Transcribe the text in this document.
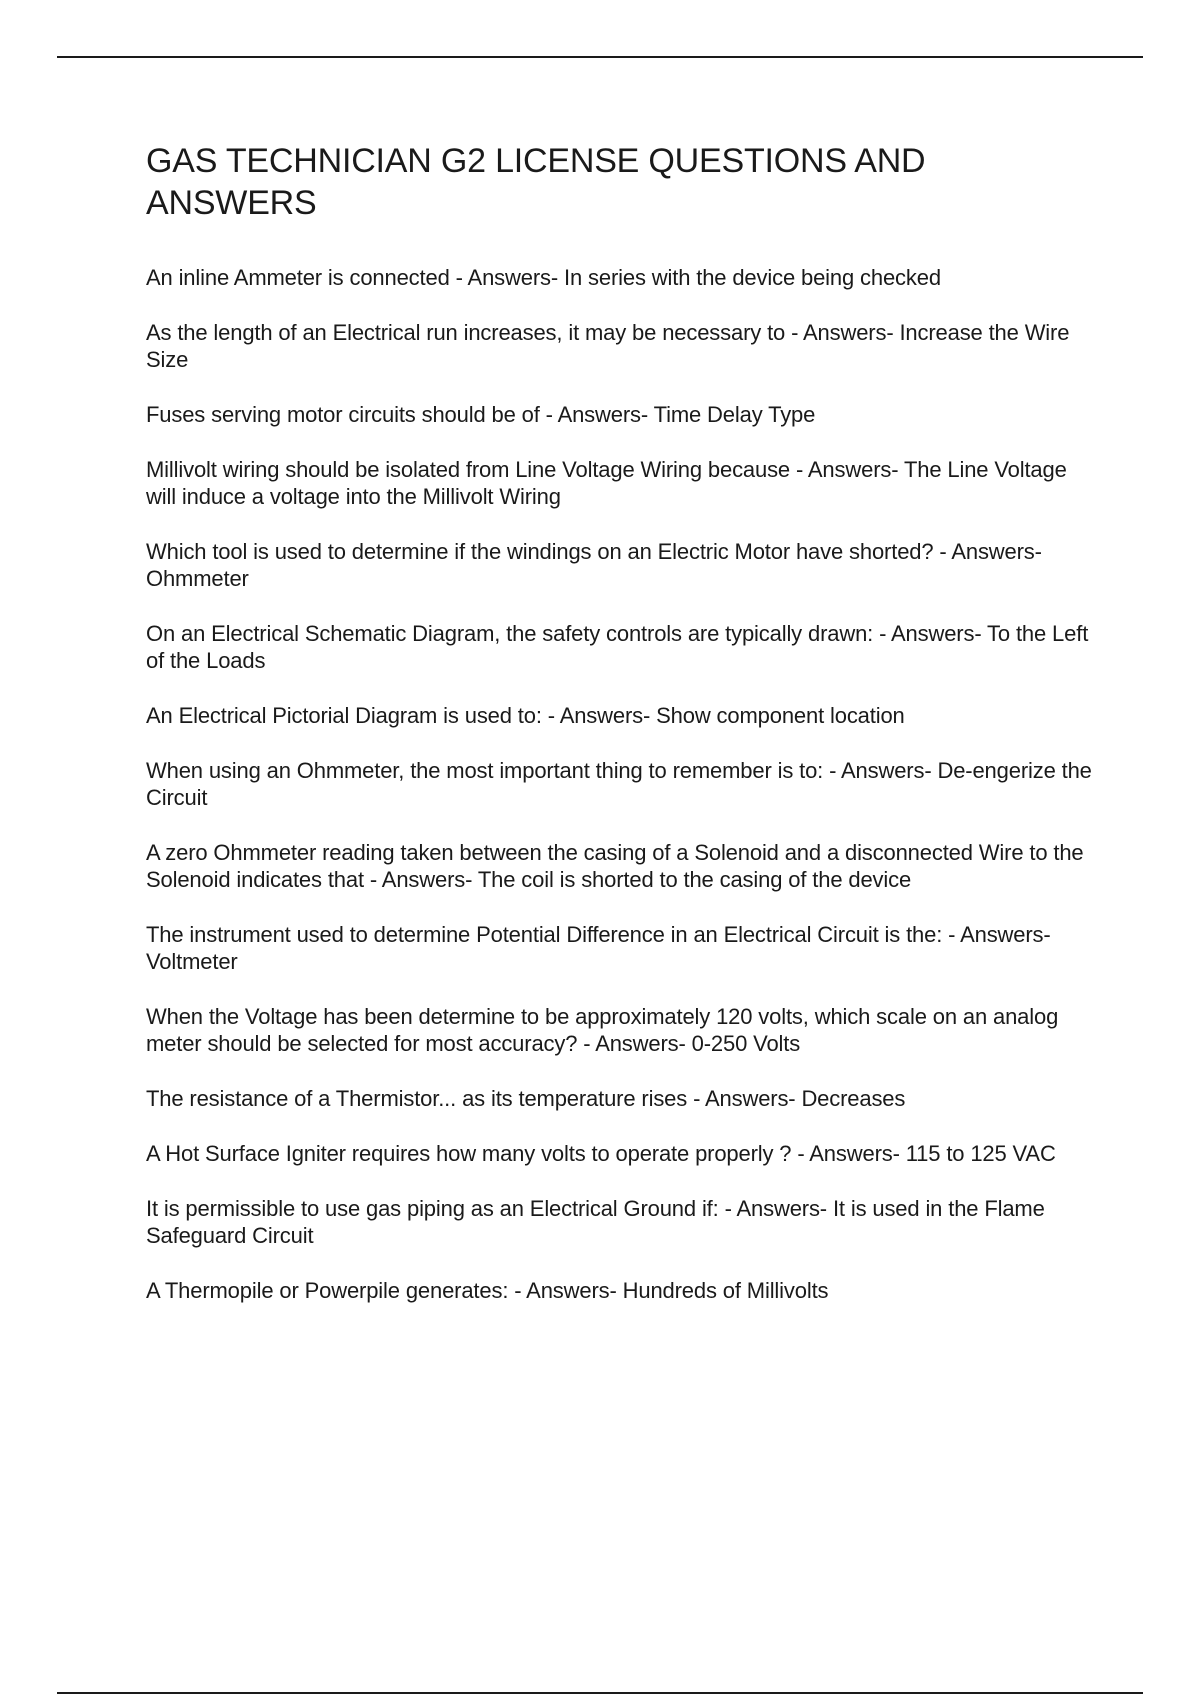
GAS TECHNICIAN G2 LICENSE QUESTIONS AND ANSWERS
An inline Ammeter is connected - Answers- In series with the device being checked
As the length of an Electrical run increases, it may be necessary to - Answers- Increase the Wire Size
Fuses serving motor circuits should be of - Answers- Time Delay Type
Millivolt wiring should be isolated from Line Voltage Wiring because - Answers- The Line Voltage will induce a voltage into the Millivolt Wiring
Which tool is used to determine if the windings on an Electric Motor have shorted? - Answers- Ohmmeter
On an Electrical Schematic Diagram, the safety controls are typically drawn: - Answers- To the Left of the Loads
An Electrical Pictorial Diagram is used to: - Answers- Show component location
When using an Ohmmeter, the most important thing to remember is to: - Answers- De-engerize the Circuit
A zero Ohmmeter reading taken between the casing of a Solenoid and a disconnected Wire to the Solenoid indicates that - Answers- The coil is shorted to the casing of the device
The instrument used to determine Potential Difference in an Electrical Circuit is the: - Answers- Voltmeter
When the Voltage has been determine to be approximately 120 volts, which scale on an analog meter should be selected for most accuracy? - Answers- 0-250 Volts
The resistance of a Thermistor... as its temperature rises - Answers- Decreases
A Hot Surface Igniter requires how many volts to operate properly ? - Answers- 115 to 125 VAC
It is permissible to use gas piping as an Electrical Ground if: - Answers- It is used in the Flame Safeguard Circuit
A Thermopile or Powerpile generates: - Answers- Hundreds of Millivolts
